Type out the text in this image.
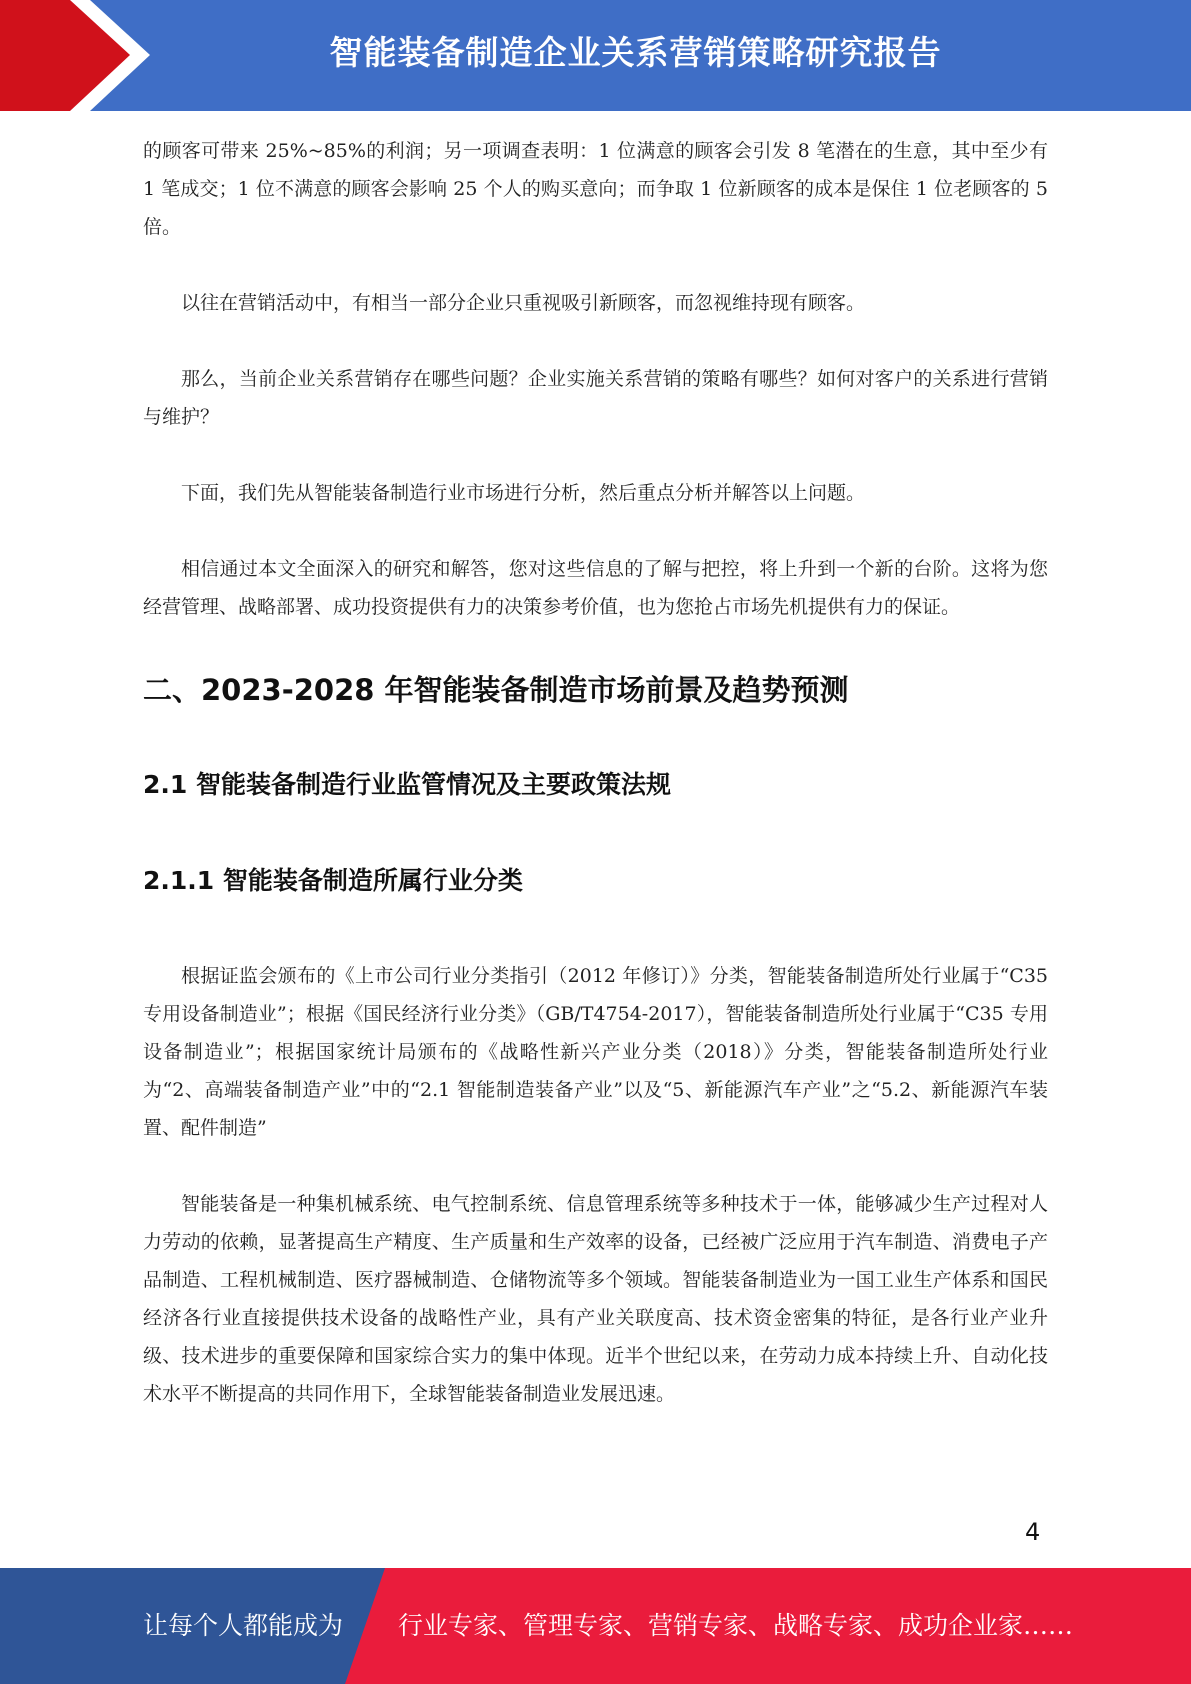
智能装备制造企业关系营销策略研究报告

的顾客可带来 25%~85%的利润；另一项调查表明：1 位满意的顾客会引发 8 笔潜在的生意，其中至少有 1 笔成交；1 位不满意的顾客会影响 25 个人的购买意向；而争取 1 位新顾客的成本是保住 1 位老顾客的 5 倍。

以往在营销活动中，有相当一部分企业只重视吸引新顾客，而忽视维持现有顾客。

那么，当前企业关系营销存在哪些问题？企业实施关系营销的策略有哪些？如何对客户的关系进行营销与维护？

下面，我们先从智能装备制造行业市场进行分析，然后重点分析并解答以上问题。

相信通过本文全面深入的研究和解答，您对这些信息的了解与把控，将上升到一个新的台阶。这将为您经营管理、战略部署、成功投资提供有力的决策参考价值，也为您抢占市场先机提供有力的保证。

二、2023-2028 年智能装备制造市场前景及趋势预测
2.1 智能装备制造行业监管情况及主要政策法规
2.1.1 智能装备制造所属行业分类

根据证监会颁布的《上市公司行业分类指引（2012 年修订）》分类，智能装备制造所处行业属于“C35 专用设备制造业”；根据《国民经济行业分类》（GB/T4754-2017），智能装备制造所处行业属于“C35 专用设备制造业”；根据国家统计局颁布的《战略性新兴产业分类（2018）》分类，智能装备制造所处行业为“2、高端装备制造产业”中的“2.1 智能制造装备产业”以及“5、新能源汽车产业”之“5.2、新能源汽车装置、配件制造”

智能装备是一种集机械系统、电气控制系统、信息管理系统等多种技术于一体，能够减少生产过程对人力劳动的依赖，显著提高生产精度、生产质量和生产效率的设备，已经被广泛应用于汽车制造、消费电子产品制造、工程机械制造、医疗器械制造、仓储物流等多个领域。智能装备制造业为一国工业生产体系和国民经济各行业直接提供技术设备的战略性产业，具有产业关联度高、技术资金密集的特征，是各行业产业升级、技术进步的重要保障和国家综合实力的集中体现。近半个世纪以来，在劳动力成本持续上升、自动化技术水平不断提高的共同作用下，全球智能装备制造业发展迅速。

4
让每个人都能成为 行业专家、管理专家、营销专家、战略专家、成功企业家……
